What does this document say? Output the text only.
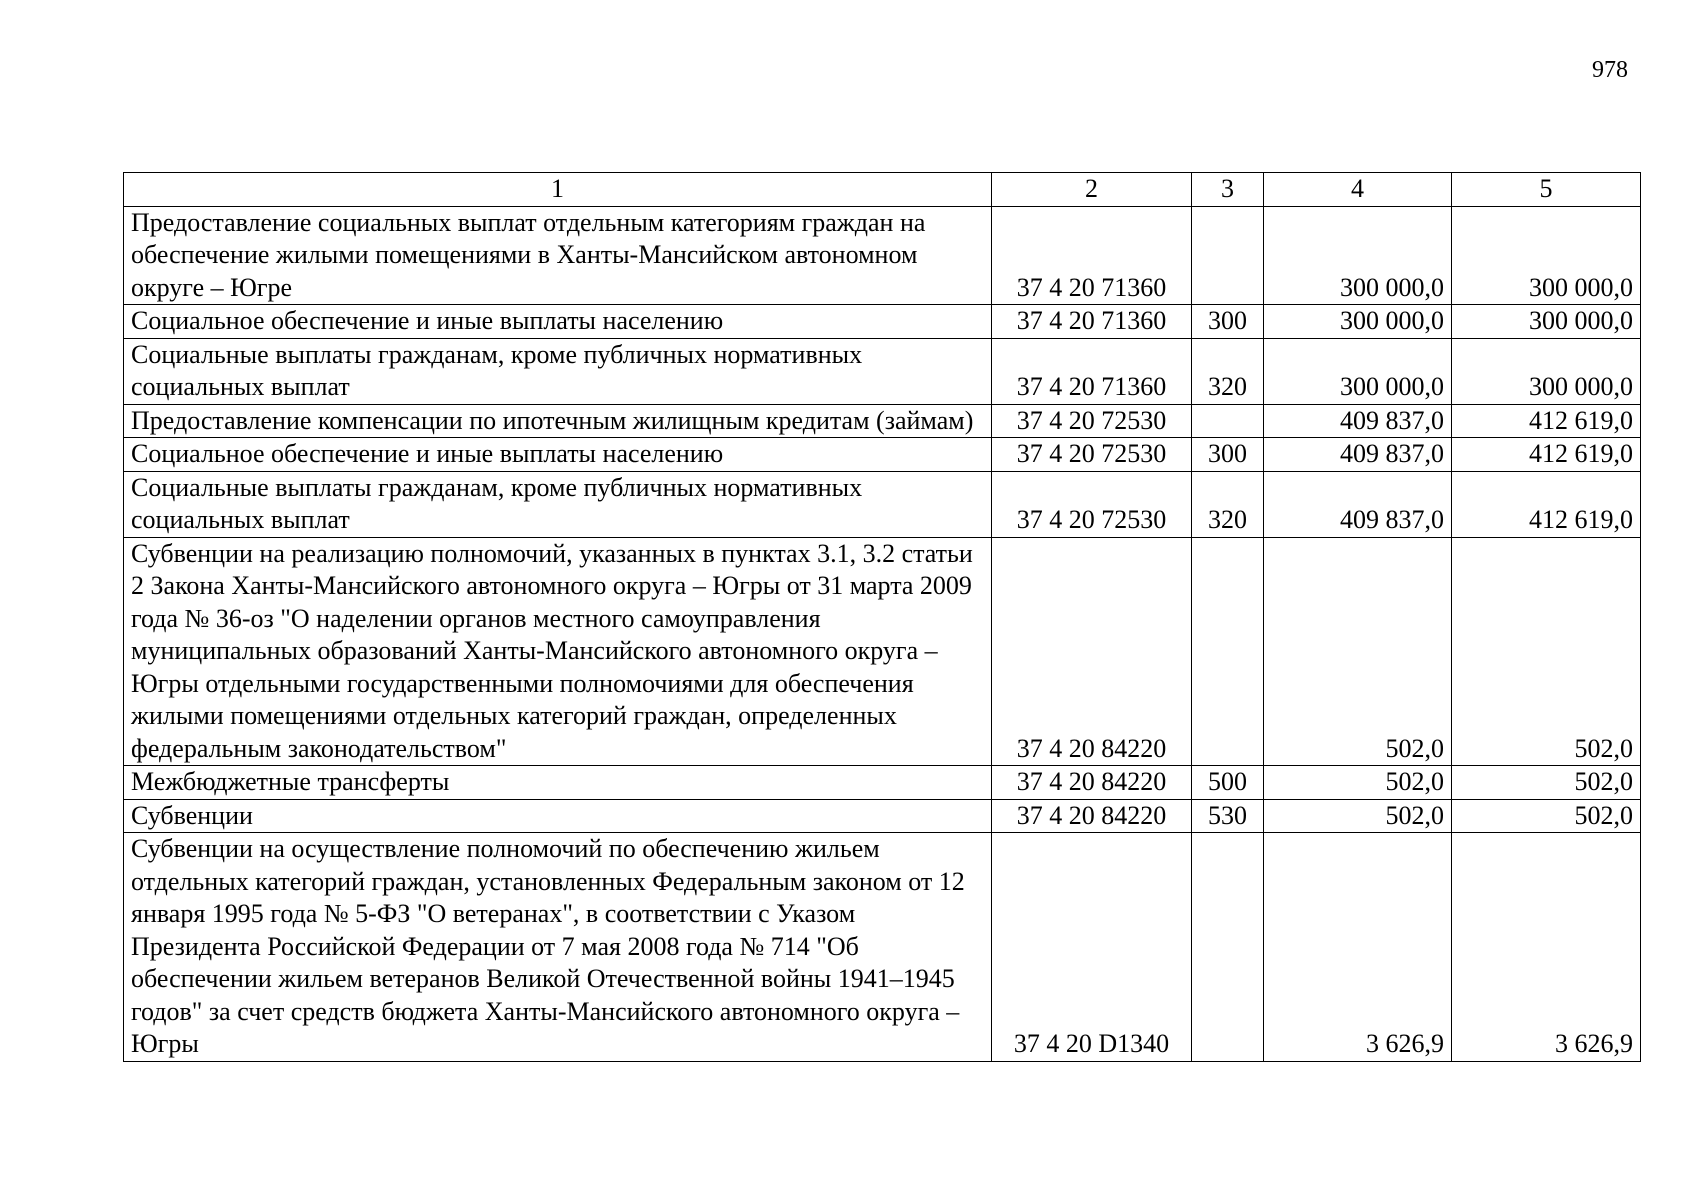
978
1	2	3	4	5
Предоставление социальных выплат отдельным категориям граждан на обеспечение жилыми помещениями в Ханты-Мансийском автономном округе – Югре	37 4 20 71360		300 000,0	300 000,0
Социальное обеспечение и иные выплаты населению	37 4 20 71360	300	300 000,0	300 000,0
Социальные выплаты гражданам, кроме публичных нормативных социальных выплат	37 4 20 71360	320	300 000,0	300 000,0
Предоставление компенсации по ипотечным жилищным кредитам (займам)	37 4 20 72530		409 837,0	412 619,0
Социальное обеспечение и иные выплаты населению	37 4 20 72530	300	409 837,0	412 619,0
Социальные выплаты гражданам, кроме публичных нормативных социальных выплат	37 4 20 72530	320	409 837,0	412 619,0
Субвенции на реализацию полномочий, указанных в пунктах 3.1, 3.2 статьи 2 Закона Ханты-Мансийского автономного округа – Югры от 31 марта 2009 года № 36-оз "О наделении органов местного самоуправления муниципальных образований Ханты-Мансийского автономного округа – Югры отдельными государственными полномочиями для обеспечения жилыми помещениями отдельных категорий граждан, определенных федеральным законодательством"	37 4 20 84220		502,0	502,0
Межбюджетные трансферты	37 4 20 84220	500	502,0	502,0
Субвенции	37 4 20 84220	530	502,0	502,0
Субвенции на осуществление полномочий по обеспечению жильем отдельных категорий граждан, установленных Федеральным законом от 12 января 1995 года № 5-ФЗ "О ветеранах", в соответствии с Указом Президента Российской Федерации от 7 мая 2008 года № 714 "Об обеспечении жильем ветеранов Великой Отечественной войны 1941–1945 годов" за счет средств бюджета Ханты-Мансийского автономного округа – Югры	37 4 20 D1340		3 626,9	3 626,9
